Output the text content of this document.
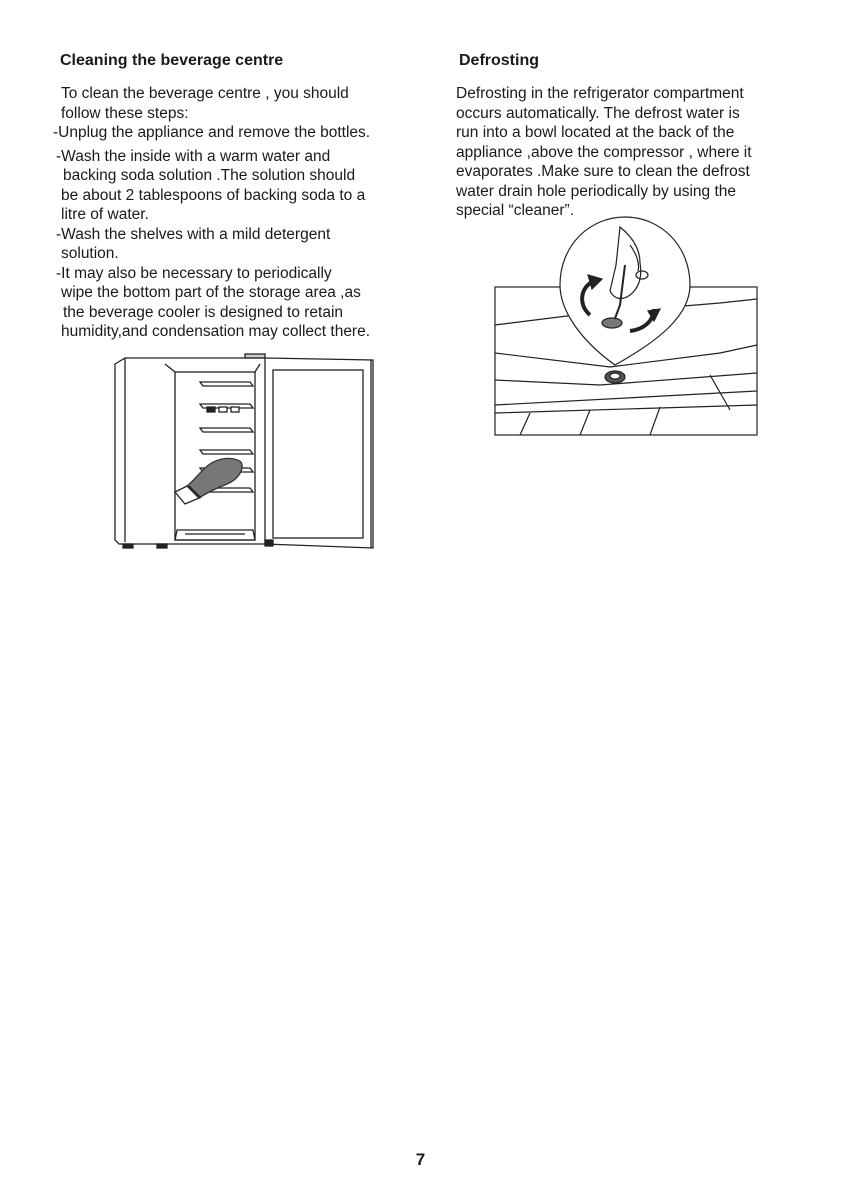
Cleaning the beverage centre

To clean the beverage centre , you should

follow these steps:

-Unplug the appliance and remove the bottles.

-Wash the inside with a warm water and

backing soda solution .The solution should

be about 2 tablespoons of backing soda to a

litre of water.

-Wash the shelves with a mild detergent

solution.

-It may also be necessary to periodically

wipe the bottom part of the storage area ,as

the beverage cooler is designed to retain

humidity,and condensation may collect there.

Defrosting

Defrosting in the refrigerator compartment

occurs automatically. The defrost water is

run into a bowl located at the back of the

appliance ,above the compressor , where it

evaporates .Make sure to clean the defrost

water drain hole periodically by using the

special “cleaner”.

7
